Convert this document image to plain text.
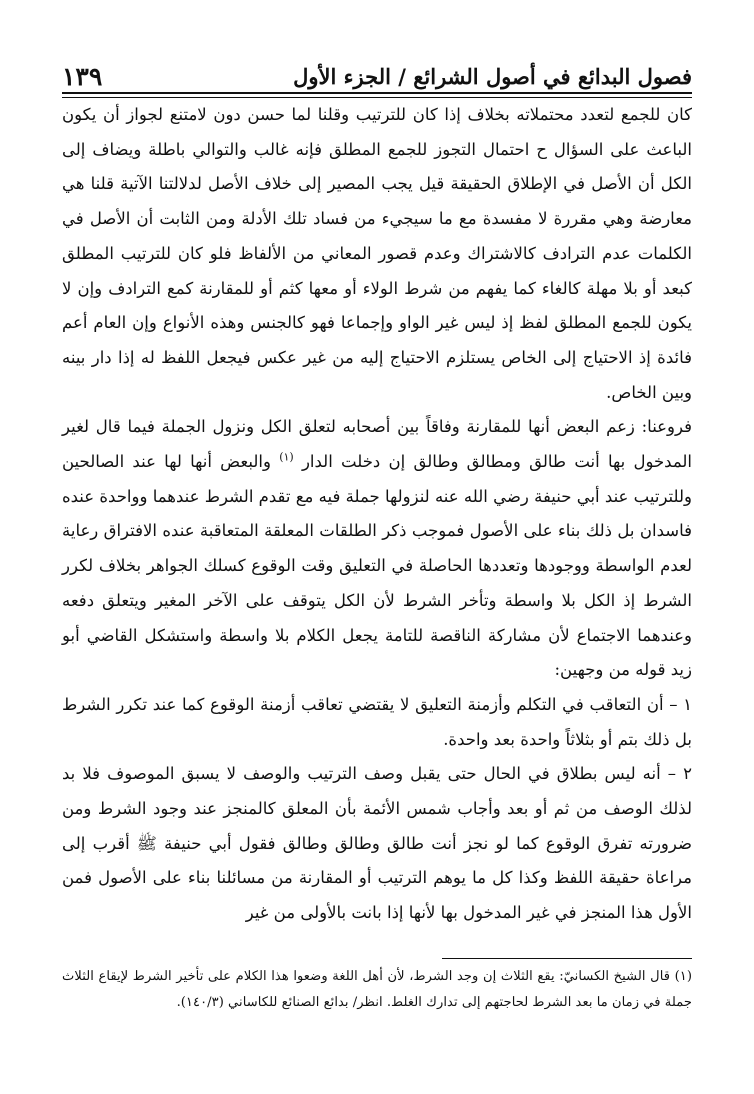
فصول البدائع في أصول الشرائع / الجزء الأول
١٣٩

كان للجمع لتعدد محتملاته بخلاف إذا كان للترتيب وقلنا لما حسن دون لامتنع لجواز أن يكون الباعث على السؤال ح احتمال التجوز للجمع المطلق فإنه غالب والتوالي باطلة ويضاف إلى الكل أن الأصل في الإطلاق الحقيقة قيل يجب المصير إلى خلاف الأصل لدلالتنا الآتية قلنا هي معارضة وهي مقررة لا مفسدة مع ما سيجيء من فساد تلك الأدلة ومن الثابت أن الأصل في الكلمات عدم الترادف كالاشتراك وعدم قصور المعاني من الألفاظ فلو كان للترتيب المطلق كبعد أو بلا مهلة كالغاء كما يفهم من شرط الولاء أو معها كثم أو للمقارنة كمع الترادف وإن لا يكون للجمع المطلق لفظ إذ ليس غير الواو وإجماعا فهو كالجنس وهذه الأنواع وإن العام أعم فائدة إذ الاحتياج إلى الخاص يستلزم الاحتياج إليه من غير عكس فيجعل اللفظ له إذا دار بينه وبين الخاص.

فروعنا: زعم البعض أنها للمقارنة وفاقاً بين أصحابه لتعلق الكل ونزول الجملة فيما قال لغير المدخول بها أنت طالق ومطالق وطالق إن دخلت الدار $^{(١)}$ والبعض أنها لها عند الصالحين وللترتيب عند أبي حنيفة رضي الله عنه لنزولها جملة فيه مع تقدم الشرط عندهما وواحدة عنده فاسدان بل ذلك بناء على الأصول فموجب ذكر الطلقات المعلقة المتعاقبة عنده الافتراق رعاية لعدم الواسطة ووجودها وتعددها الحاصلة في التعليق وقت الوقوع كسلك الجواهر بخلاف لكرر الشرط إذ الكل بلا واسطة وتأخر الشرط لأن الكل يتوقف على الآخر المغير ويتعلق دفعه وعندهما الاجتماع لأن مشاركة الناقصة للتامة يجعل الكلام بلا واسطة واستشكل القاضي أبو زيد قوله من وجهين:

١ – أن التعاقب في التكلم وأزمنة التعليق لا يقتضي تعاقب أزمنة الوقوع كما عند تكرر الشرط بل ذلك بتم أو بثلاثاً واحدة بعد واحدة.

٢ – أنه ليس بطلاق في الحال حتى يقبل وصف الترتيب والوصف لا يسبق الموصوف فلا بد لذلك الوصف من ثم أو بعد وأجاب شمس الأئمة بأن المعلق كالمنجز عند وجود الشرط ومن ضرورته تفرق الوقوع كما لو نجز أنت طالق وطالق وطالق فقول أبي حنيفة ﷺ أقرب إلى مراعاة حقيقة اللفظ وكذا كل ما يوهم الترتيب أو المقارنة من مسائلنا بناء على الأصول فمن الأول هذا المنجز في غير المدخول بها لأنها إذا بانت بالأولى من غير

(١) قال الشيخ الكسانيّ: يقع الثلاث إن وجد الشرط، لأن أهل اللغة وضعوا هذا الكلام على تأخير الشرط لإيقاع الثلاث جملة في زمان ما بعد الشرط لحاجتهم إلى تدارك الغلط. انظر/ بدائع الصنائع للكاساني (١٤٠/٣).
